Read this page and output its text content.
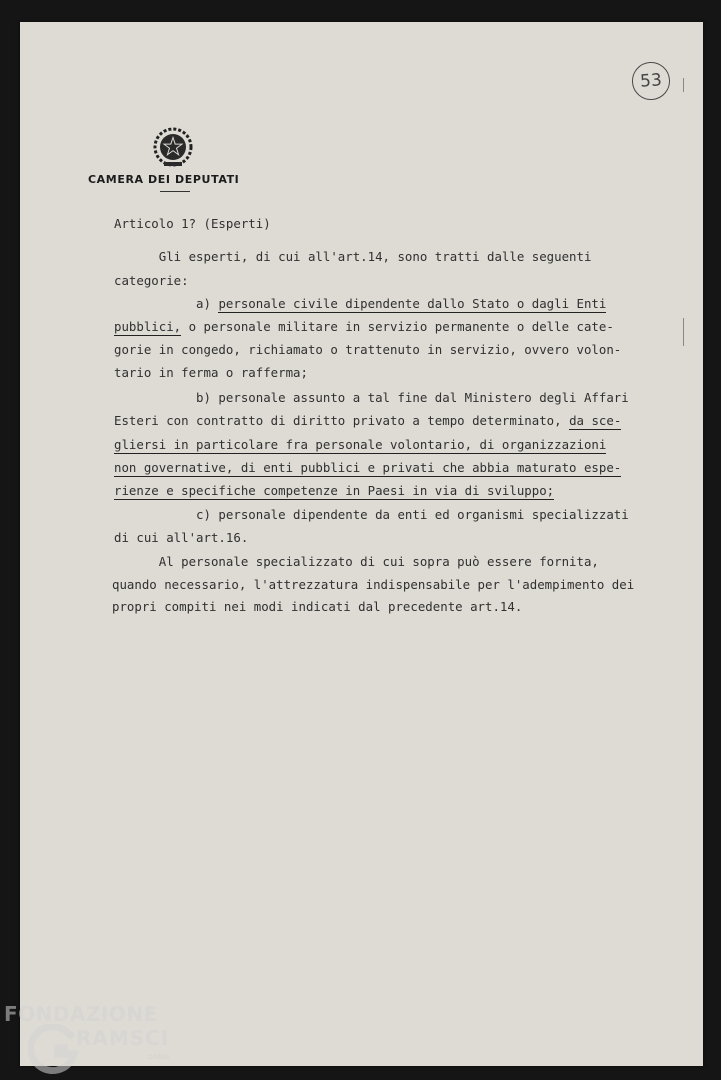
53
CAMERA DEI DEPUTATI
Articolo 1? (Esperti)
Gli esperti, di cui all'art.14, sono tratti dalle seguenti
categorie:
a) personale civile dipendente dallo Stato o dagli Enti
pubblici, o personale militare in servizio permanente o delle cate-
gorie in congedo, richiamato o trattenuto in servizio, ovvero volon-
tario in ferma o rafferma;
b) personale assunto a tal fine dal Ministero degli Affari
Esteri con contratto di diritto privato a tempo determinato, da sce-
gliersi in particolare fra personale volontario, di organizzazioni
non governative, di enti pubblici e privati che abbia maturato espe-
rienze e specifiche competenze in Paesi in via di sviluppo;
c) personale dipendente da enti ed organismi specializzati
di cui all'art.16.
Al personale specializzato di cui sopra può essere fornita,
quando necessario, l'attrezzatura indispensabile per l'adempimento dei
propri compiti nei modi indicati dal precedente art.14.
FONDAZIONE
RAMSCI
onlus
